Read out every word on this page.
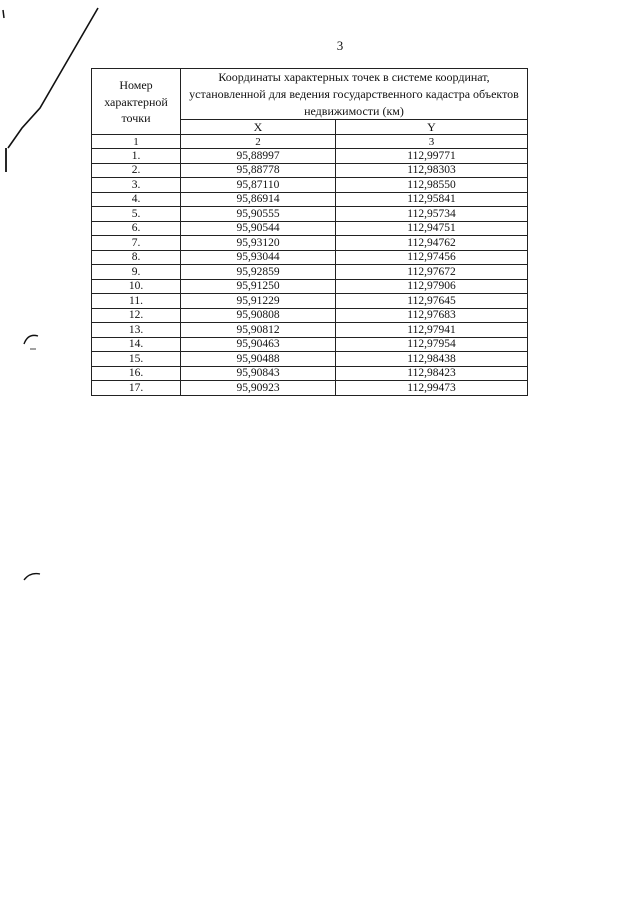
3
Номер характерной точки	Координаты характерных точек в системе координат, установленной для ведения государственного кадастра объектов недвижимости (км)	
	X	Y
1	2	3
1.	95,88997	112,99771
2.	95,88778	112,98303
3.	95,87110	112,98550
4.	95,86914	112,95841
5.	95,90555	112,95734
6.	95,90544	112,94751
7.	95,93120	112,94762
8.	95,93044	112,97456
9.	95,92859	112,97672
10.	95,91250	112,97906
11.	95,91229	112,97645
12.	95,90808	112,97683
13.	95,90812	112,97941
14.	95,90463	112,97954
15.	95,90488	112,98438
16.	95,90843	112,98423
17.	95,90923	112,99473
